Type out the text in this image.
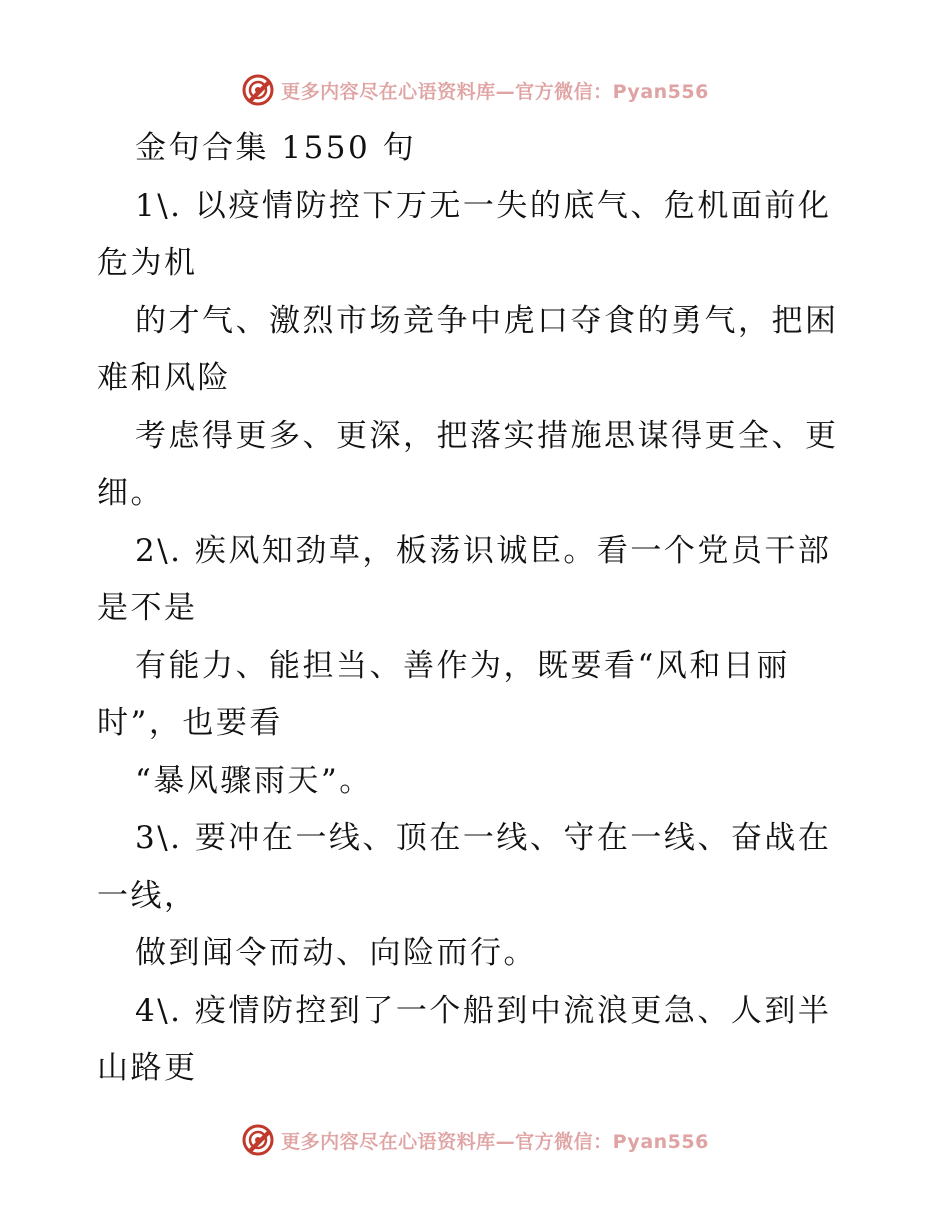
更多内容尽在心语资料库—官方微信：Pyan556
金句合集 1550 句
1\. 以疫情防控下万无一失的底气、危机面前化
危为机
的才气、激烈市场竞争中虎口夺食的勇气，把困
难和风险
考虑得更多、更深，把落实措施思谋得更全、更
细。
2\. 疾风知劲草，板荡识诚臣。看一个党员干部
是不是
有能力、能担当、善作为，既要看“风和日丽
时”，也要看
“暴风骤雨天”。
3\. 要冲在一线、顶在一线、守在一线、奋战在
一线，
做到闻令而动、向险而行。
4\. 疫情防控到了一个船到中流浪更急、人到半
山路更
更多内容尽在心语资料库—官方微信：Pyan556
